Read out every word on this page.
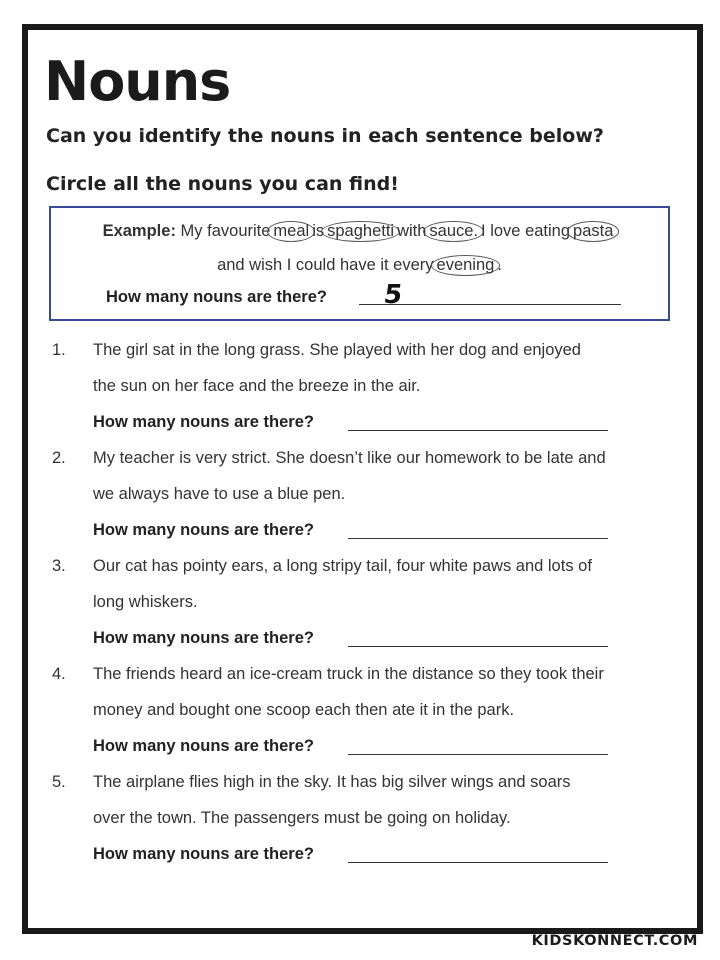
Nouns

Can you identify the nouns in each sentence below?

Circle all the nouns you can find!

Example: My favourite meal is spaghetti with sauce. I love eating pasta
and wish I could have it every evening .
How many nouns are there? 5
1. The girl sat in the long grass. She played with her dog and enjoyed
the sun on her face and the breeze in the air.
How many nouns are there?
2. My teacher is very strict. She doesn’t like our homework to be late and
we always have to use a blue pen.
How many nouns are there?
3. Our cat has pointy ears, a long stripy tail, four white paws and lots of
long whiskers.
How many nouns are there?
4. The friends heard an ice-cream truck in the distance so they took their
money and bought one scoop each then ate it in the park.
How many nouns are there?
5. The airplane flies high in the sky. It has big silver wings and soars
over the town. The passengers must be going on holiday.
How many nouns are there?
KIDSKONNECT.COM
